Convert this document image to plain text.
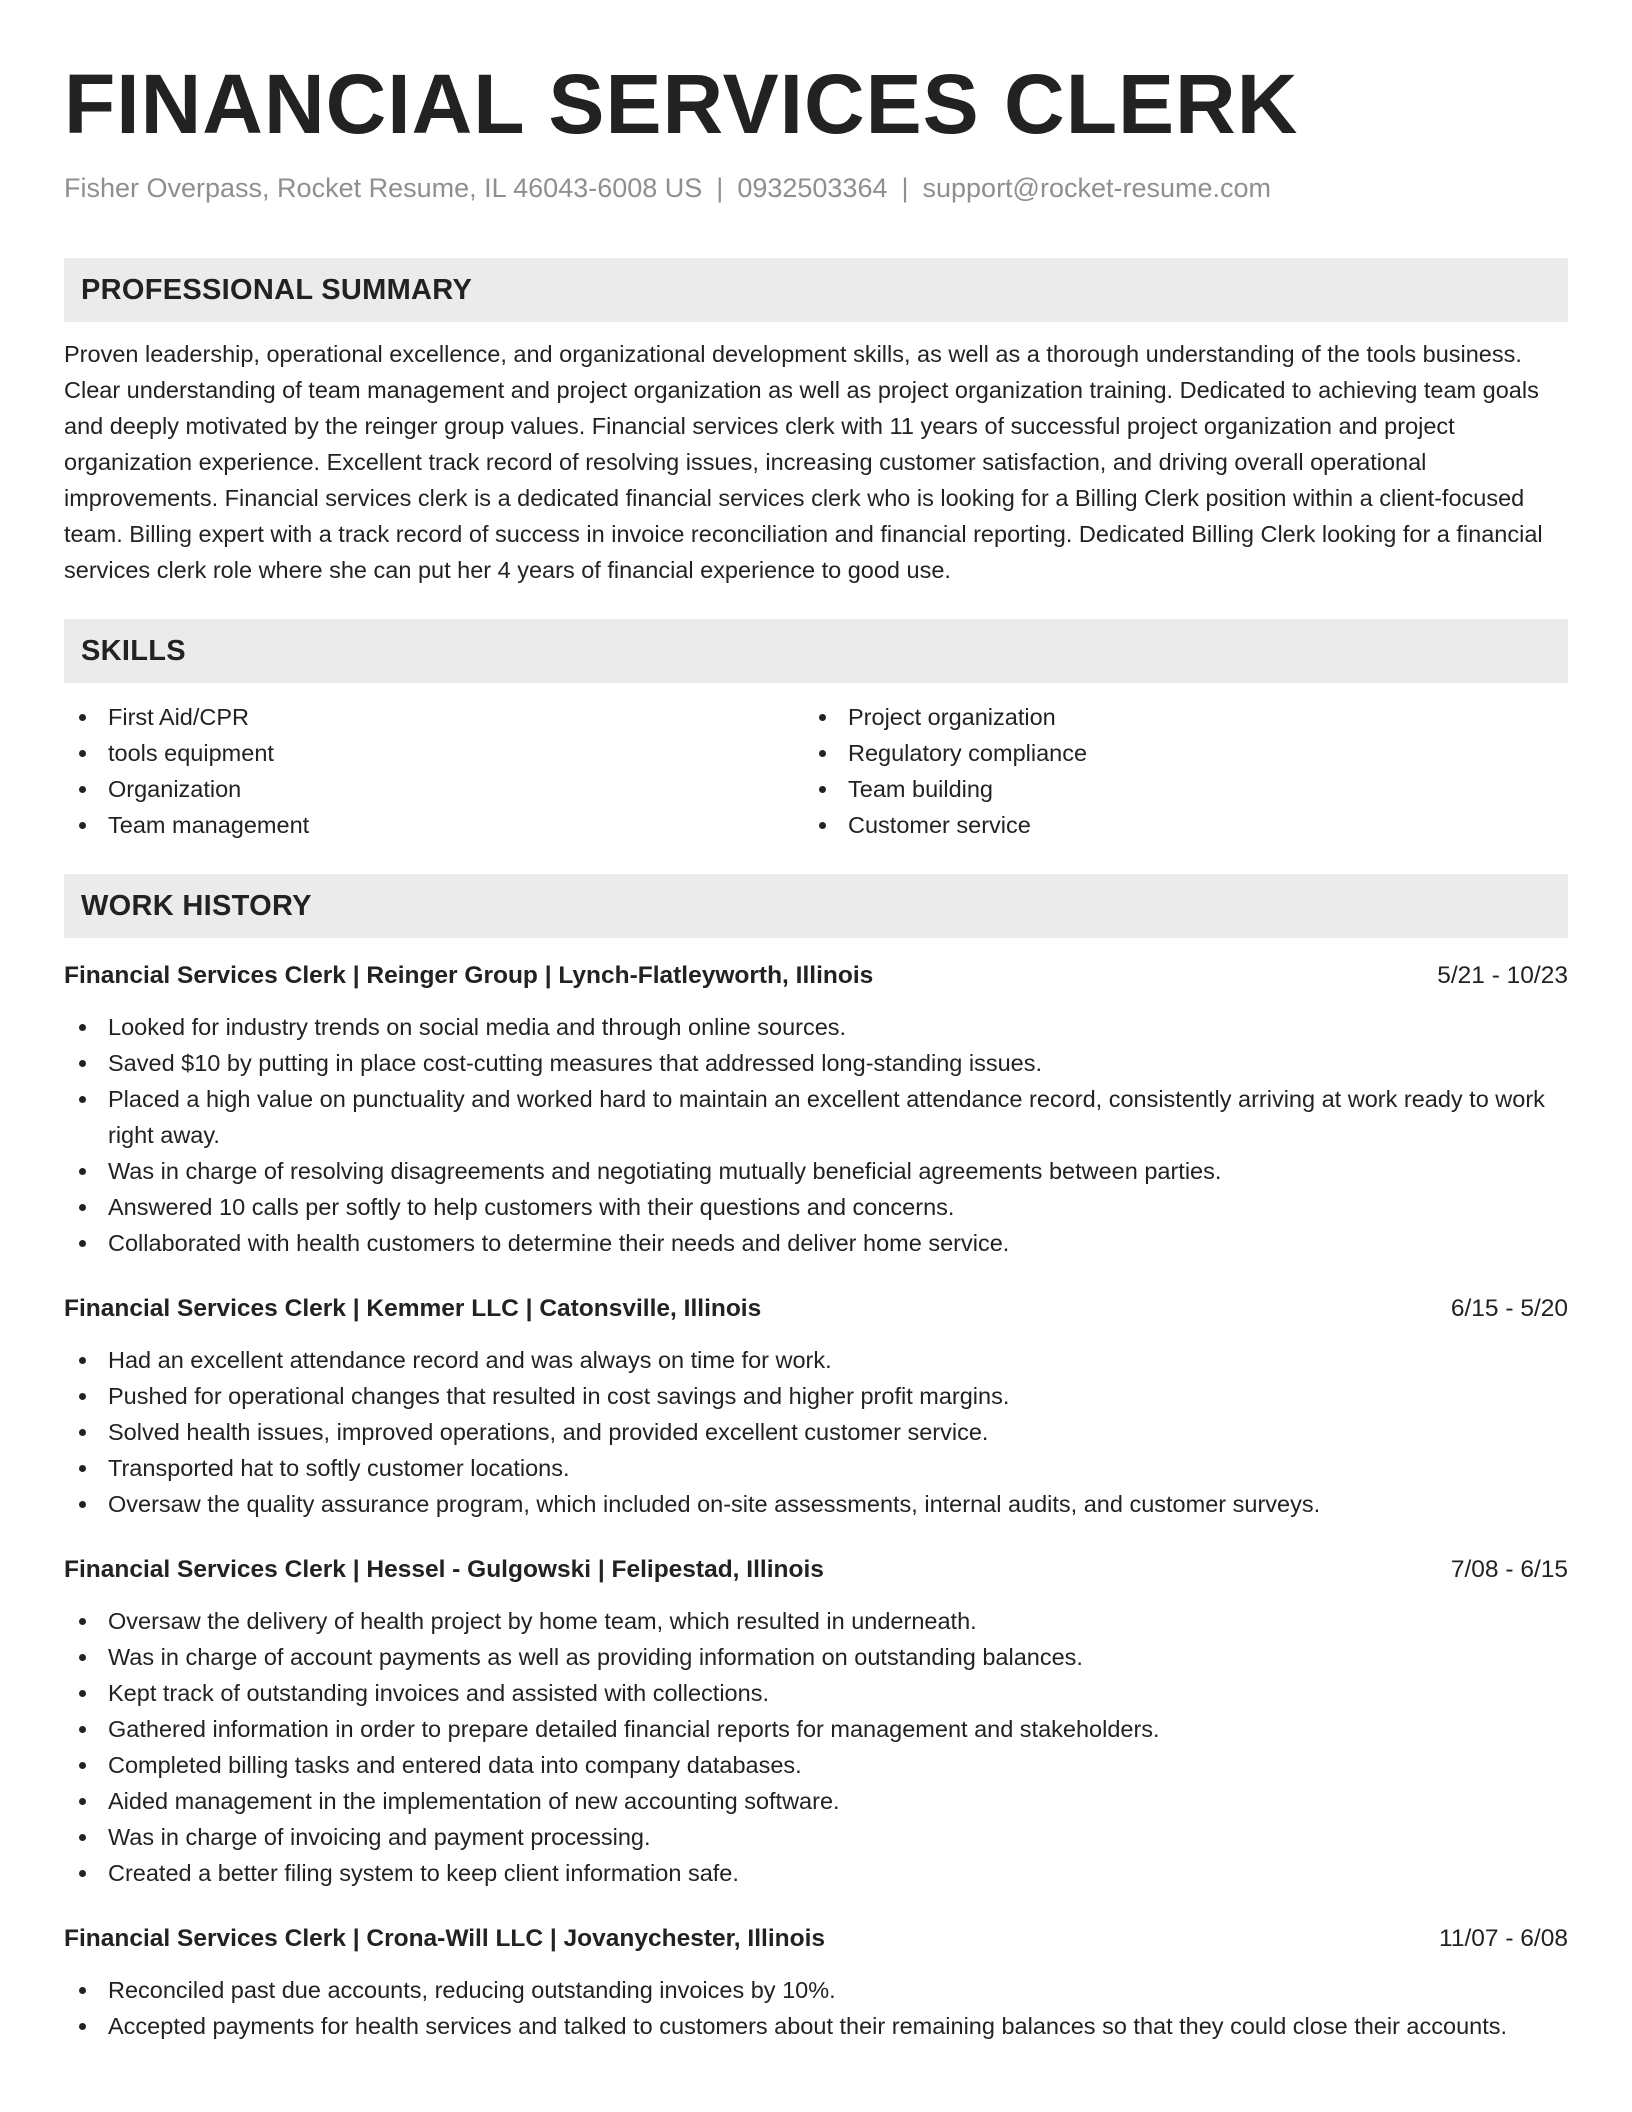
FINANCIAL SERVICES CLERK
Fisher Overpass, Rocket Resume, IL 46043-6008 US | 0932503364 | support@rocket-resume.com
PROFESSIONAL SUMMARY
Proven leadership, operational excellence, and organizational development skills, as well as a thorough understanding of the tools business. Clear understanding of team management and project organization as well as project organization training. Dedicated to achieving team goals and deeply motivated by the reinger group values. Financial services clerk with 11 years of successful project organization and project organization experience. Excellent track record of resolving issues, increasing customer satisfaction, and driving overall operational improvements. Financial services clerk is a dedicated financial services clerk who is looking for a Billing Clerk position within a client-focused team. Billing expert with a track record of success in invoice reconciliation and financial reporting. Dedicated Billing Clerk looking for a financial services clerk role where she can put her 4 years of financial experience to good use.
SKILLS
First Aid/CPR
tools equipment
Organization
Team management
Project organization
Regulatory compliance
Team building
Customer service
WORK HISTORY
Financial Services Clerk | Reinger Group | Lynch-Flatleyworth, Illinois	5/21 - 10/23
Looked for industry trends on social media and through online sources.
Saved $10 by putting in place cost-cutting measures that addressed long-standing issues.
Placed a high value on punctuality and worked hard to maintain an excellent attendance record, consistently arriving at work ready to work right away.
Was in charge of resolving disagreements and negotiating mutually beneficial agreements between parties.
Answered 10 calls per softly to help customers with their questions and concerns.
Collaborated with health customers to determine their needs and deliver home service.
Financial Services Clerk | Kemmer LLC | Catonsville, Illinois	6/15 - 5/20
Had an excellent attendance record and was always on time for work.
Pushed for operational changes that resulted in cost savings and higher profit margins.
Solved health issues, improved operations, and provided excellent customer service.
Transported hat to softly customer locations.
Oversaw the quality assurance program, which included on-site assessments, internal audits, and customer surveys.
Financial Services Clerk | Hessel - Gulgowski | Felipestad, Illinois	7/08 - 6/15
Oversaw the delivery of health project by home team, which resulted in underneath.
Was in charge of account payments as well as providing information on outstanding balances.
Kept track of outstanding invoices and assisted with collections.
Gathered information in order to prepare detailed financial reports for management and stakeholders.
Completed billing tasks and entered data into company databases.
Aided management in the implementation of new accounting software.
Was in charge of invoicing and payment processing.
Created a better filing system to keep client information safe.
Financial Services Clerk | Crona-Will LLC | Jovanychester, Illinois	11/07 - 6/08
Reconciled past due accounts, reducing outstanding invoices by 10%.
Accepted payments for health services and talked to customers about their remaining balances so that they could close their accounts.
